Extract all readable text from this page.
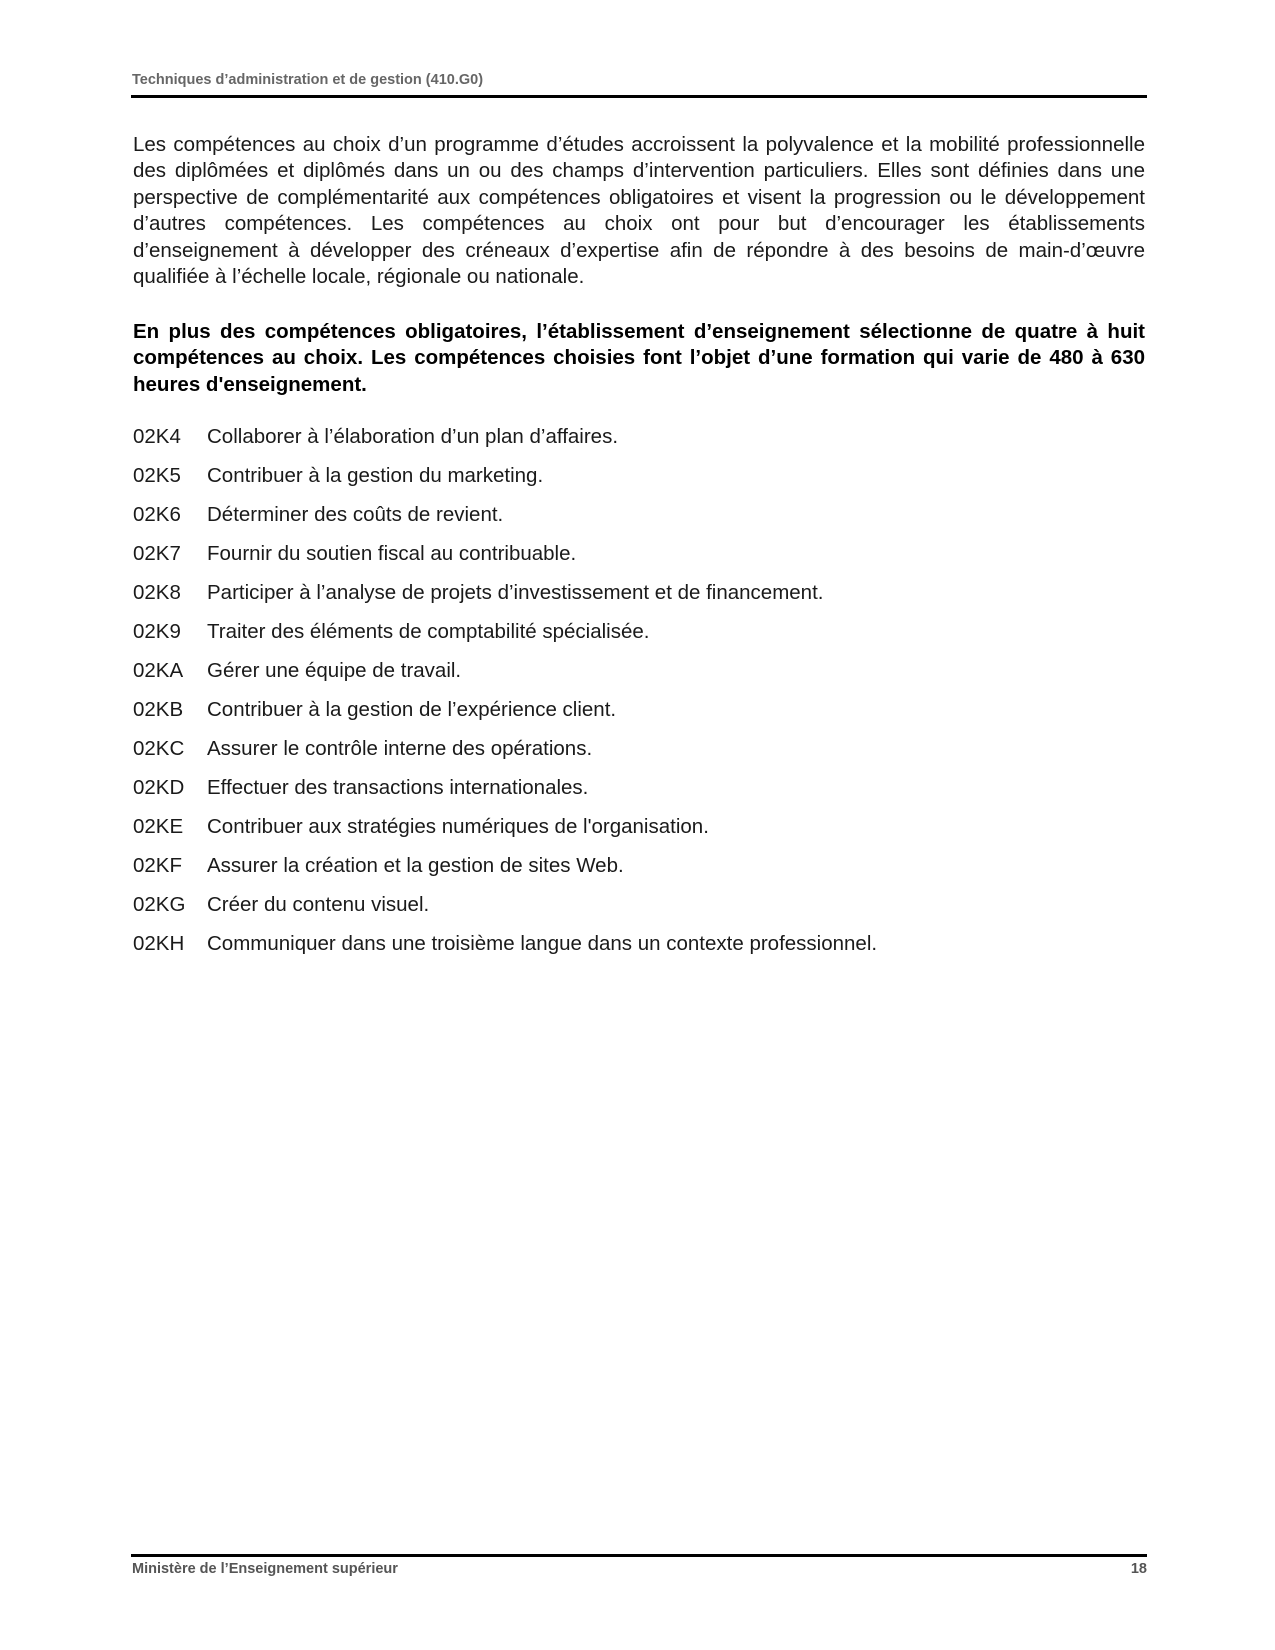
Techniques d’administration et de gestion (410.G0)

Les compétences au choix d’un programme d’études accroissent la polyvalence et la mobilité professionnelle des diplômées et diplômés dans un ou des champs d’intervention particuliers. Elles sont définies dans une perspective de complémentarité aux compétences obligatoires et visent la progression ou le développement d’autres compétences. Les compétences au choix ont pour but d’encourager les établissements d’enseignement à développer des créneaux d’expertise afin de répondre à des besoins de main-d’œuvre qualifiée à l’échelle locale, régionale ou nationale.

En plus des compétences obligatoires, l’établissement d’enseignement sélectionne de quatre à huit compétences au choix. Les compétences choisies font l’objet d’une formation qui varie de 480 à 630 heures d'enseignement.

02K4	Collaborer à l’élaboration d’un plan d’affaires.
02K5	Contribuer à la gestion du marketing.
02K6	Déterminer des coûts de revient.
02K7	Fournir du soutien fiscal au contribuable.
02K8	Participer à l’analyse de projets d’investissement et de financement.
02K9	Traiter des éléments de comptabilité spécialisée.
02KA	Gérer une équipe de travail.
02KB	Contribuer à la gestion de l’expérience client.
02KC	Assurer le contrôle interne des opérations.
02KD	Effectuer des transactions internationales.
02KE	Contribuer aux stratégies numériques de l'organisation.
02KF	Assurer la création et la gestion de sites Web.
02KG	Créer du contenu visuel.
02KH	Communiquer dans une troisième langue dans un contexte professionnel.
Ministère de l’Enseignement supérieur	18
